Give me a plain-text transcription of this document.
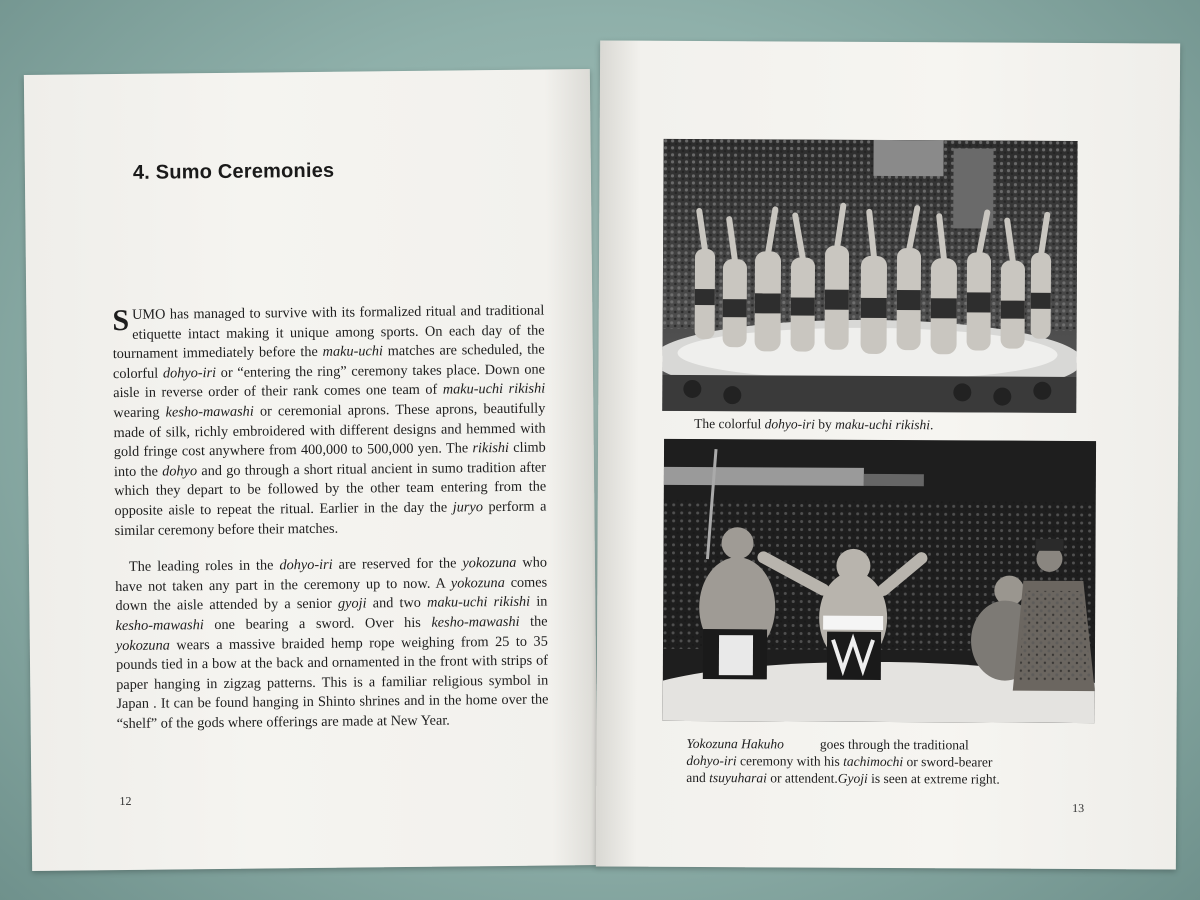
4. Sumo Ceremonies

SUMO has managed to survive with its formalized ritual and traditional etiquette intact making it unique among sports. On each day of the tournament immediately before the maku-uchi matches are scheduled, the colorful dohyo-iri or “entering the ring” ceremony takes place. Down one aisle in reverse order of their rank comes one team of maku-uchi rikishi wearing kesho-mawashi or ceremonial aprons. These aprons, beautifully made of silk, richly embroidered with different designs and hemmed with gold fringe cost anywhere from 400,000 to 500,000 yen. The rikishi climb into the dohyo and go through a short ritual ancient in sumo tradition after which they depart to be followed by the other team entering from the opposite aisle to repeat the ritual. Earlier in the day the juryo perform a similar ceremony before their matches.

The leading roles in the dohyo-iri are reserved for the yokozuna who have not taken any part in the ceremony up to now. A yokozuna comes down the aisle attended by a senior gyoji and two maku-uchi rikishi in kesho-mawashi one bearing a sword. Over his kesho-mawashi the yokozuna wears a massive braided hemp rope weighing from 25 to 35 pounds tied in a bow at the back and ornamented in the front with strips of paper hanging in zigzag patterns. This is a familiar religious symbol in Japan . It can be found hanging in Shinto shrines and in the home over the “shelf” of the gods where offerings are made at New Year.

12
The colorful dohyo-iri by maku-uchi rikishi.
Yokozuna Hakuho	goes through the traditional
dohyo-iri ceremony with his tachimochi or sword-bearer
and tsuyuharai or attendent.Gyoji is seen at extreme right.
13
